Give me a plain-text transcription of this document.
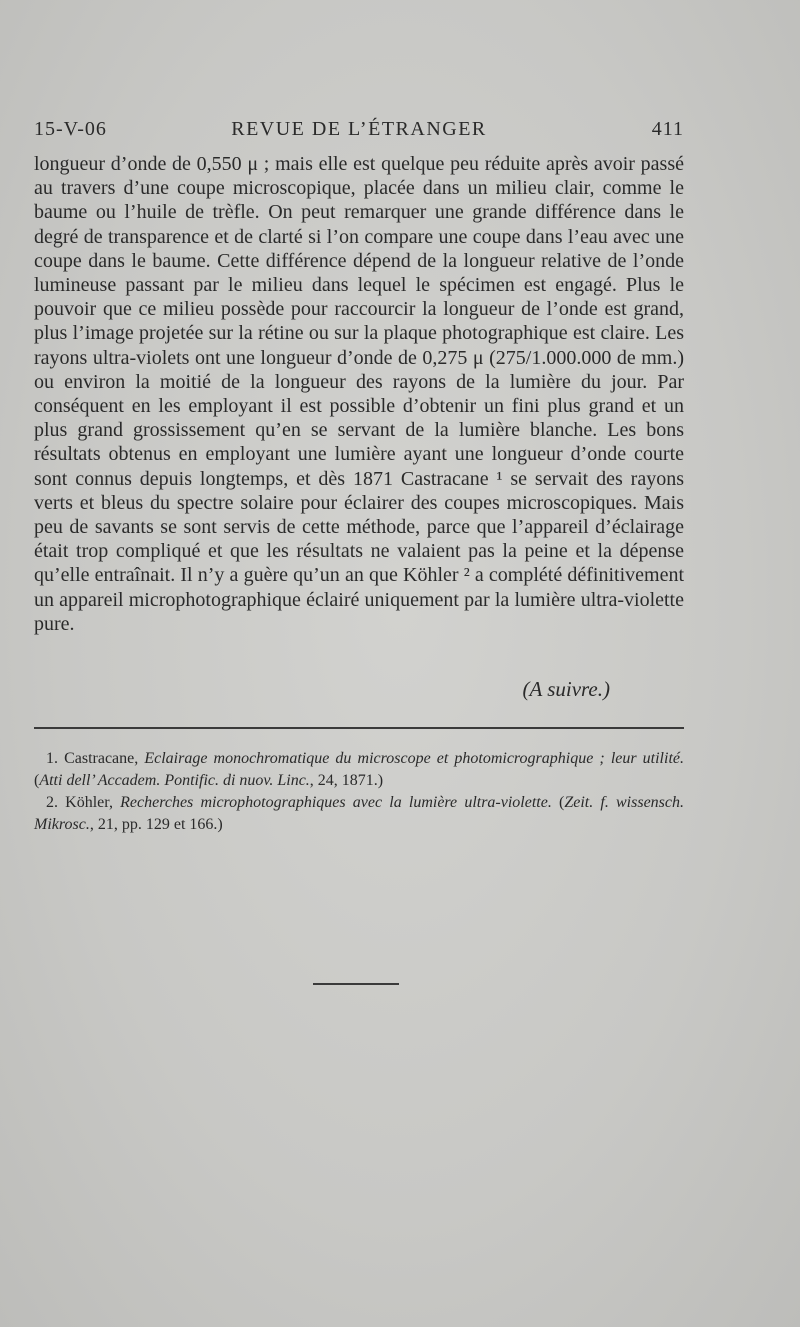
15-V-06	REVUE DE L’ÉTRANGER	411

longueur d’onde de 0,550 μ ; mais elle est quelque peu réduite après avoir passé au travers d’une coupe microscopique, placée dans un milieu clair, comme le baume ou l’huile de trèfle. On peut remarquer une grande différence dans le degré de transparence et de clarté si l’on compare une coupe dans l’eau avec une coupe dans le baume. Cette différence dépend de la longueur relative de l’onde lumineuse passant par le milieu dans lequel le spécimen est engagé. Plus le pouvoir que ce milieu possède pour raccourcir la longueur de l’onde est grand, plus l’image projetée sur la rétine ou sur la plaque photographique est claire. Les rayons ultra-violets ont une longueur d’onde de 0,275 μ (275/1.000.000 de mm.) ou environ la moitié de la longueur des rayons de la lumière du jour. Par conséquent en les employant il est possible d’obtenir un fini plus grand et un plus grand grossissement qu’en se servant de la lumière blanche. Les bons résultats obtenus en employant une lumière ayant une longueur d’onde courte sont connus depuis longtemps, et dès 1871 Castracane ¹ se servait des rayons verts et bleus du spectre solaire pour éclairer des coupes microscopiques. Mais peu de savants se sont servis de cette méthode, parce que l’appareil d’éclairage était trop compliqué et que les résultats ne valaient pas la peine et la dépense qu’elle entraînait. Il n’y a guère qu’un an que Köhler ² a complété définitivement un appareil microphotographique éclairé uniquement par la lumière ultra-violette pure.

(A suivre.)

1. Castracane, Eclairage monochromatique du microscope et photomicrographique ; leur utilité.(Atti dell’ Accadem. Pontific. di nuov. Linc., 24, 1871.)

2. Köhler, Recherches microphotographiques avec la lumière ultra-violette. (Zeit. f. wissensch. Mikrosc., 21, pp. 129 et 166.)
